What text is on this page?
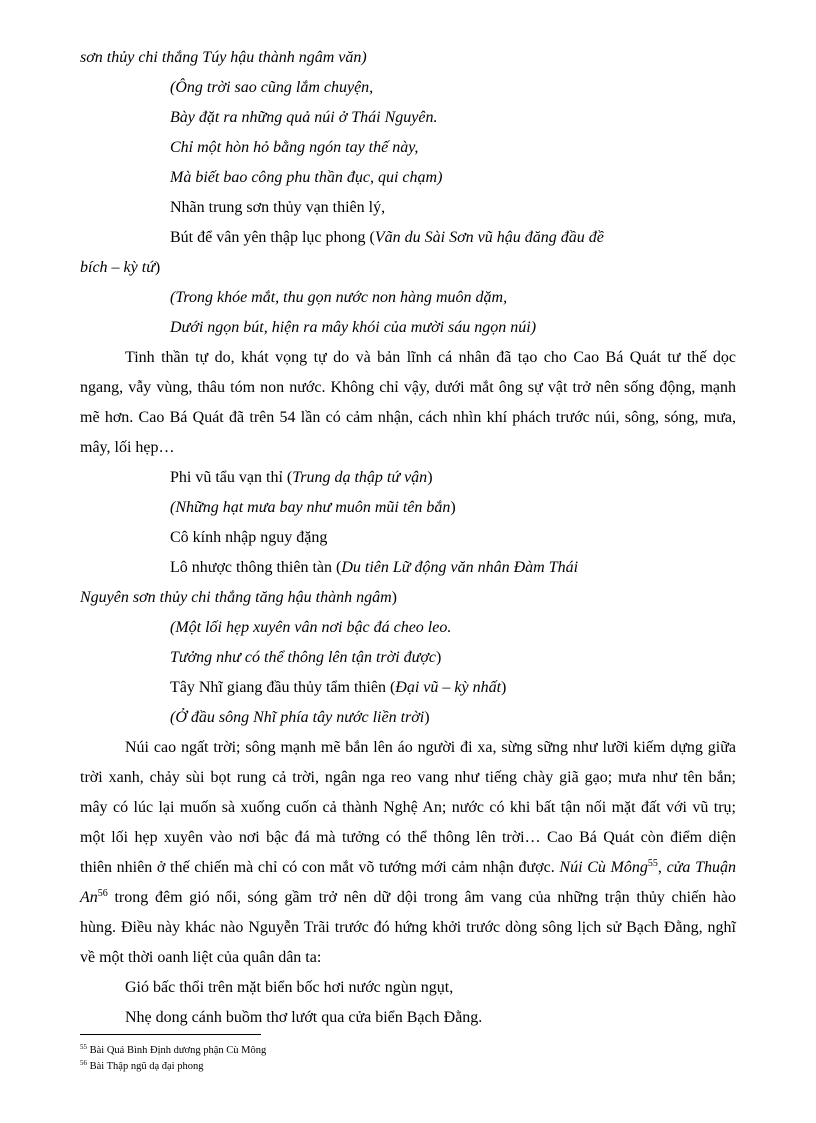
sơn thủy chi thắng Túy hậu thành ngâm văn)
(Ông trời sao cũng lắm chuyện,
Bày đặt ra những quả núi ở Thái Nguyên.
Chỉ một hòn hỏ bằng ngón tay thế này,
Mà biết bao công phu thần đục, qui chạm)
Nhãn trung sơn thủy vạn thiên lý,
Bút để vân yên thập lục phong (Vãn du Sài Sơn vũ hậu đăng đầu đề
bích – kỳ tứ)
(Trong khóe mắt, thu gọn nước non hàng muôn dặm,
Dưới ngọn bút, hiện ra mây khói của mười sáu ngọn núi)
Tinh thần tự do, khát vọng tự do và bản lĩnh cá nhân đã tạo cho Cao Bá Quát tư thế dọc
ngang, vẫy vùng, thâu tóm non nước. Không chỉ vậy, dưới mắt ông sự vật trở nên sống động, mạnh
mẽ hơn. Cao Bá Quát đã trên 54 lần có cảm nhận, cách nhìn khí phách trước núi, sông, sóng, mưa,
mây, lối hẹp…
Phi vũ tẩu vạn thỉ (Trung dạ thập tứ vận)
(Những hạt mưa bay như muôn mũi tên bắn)
Cô kính nhập nguy đặng
Lô nhược thông thiên tàn (Du tiên Lữ động văn nhân Đàm Thái
Nguyên sơn thủy chi thắng tăng hậu thành ngâm)
(Một lối hẹp xuyên vân nơi bậc đá cheo leo.
Tưởng như có thể thông lên tận trời được)
Tây Nhĩ giang đầu thủy tẩm thiên (Đại vũ – kỳ nhất)
(Ở đầu sông Nhĩ phía tây nước liền trời)
Núi cao ngất trời; sông mạnh mẽ bắn lên áo người đi xa, sừng sững như lưỡi kiếm dựng giữa
trời xanh, chảy sùi bọt rung cả trời, ngân nga reo vang như tiếng chày giã gạo; mưa như tên bắn;
mây có lúc lại muốn sà xuống cuốn cả thành Nghệ An; nước có khi bất tận nối mặt đất với vũ trụ;
một lối hẹp xuyên vào nơi bậc đá mà tưởng có thể thông lên trời… Cao Bá Quát còn điểm diện
thiên nhiên ở thế chiến mà chỉ có con mắt võ tướng mới cảm nhận được. Núi Cù Mông$^{55}$, cửa Thuận
An$^{56}$ trong đêm gió nổi, sóng gầm trở nên dữ dội trong âm vang của những trận thủy chiến hào
hùng. Điều này khác nào Nguyễn Trãi trước đó hứng khởi trước dòng sông lịch sử Bạch Đằng, nghĩ
về một thời oanh liệt của quân dân ta:
Gió bấc thổi trên mặt biển bốc hơi nước ngùn ngụt,
Nhẹ dong cánh buồm thơ lướt qua cửa biển Bạch Đằng.
$^{55}$ Bài Quá Bình Định dương phận Cù Mông
$^{56}$ Bài Thập ngũ dạ đại phong
